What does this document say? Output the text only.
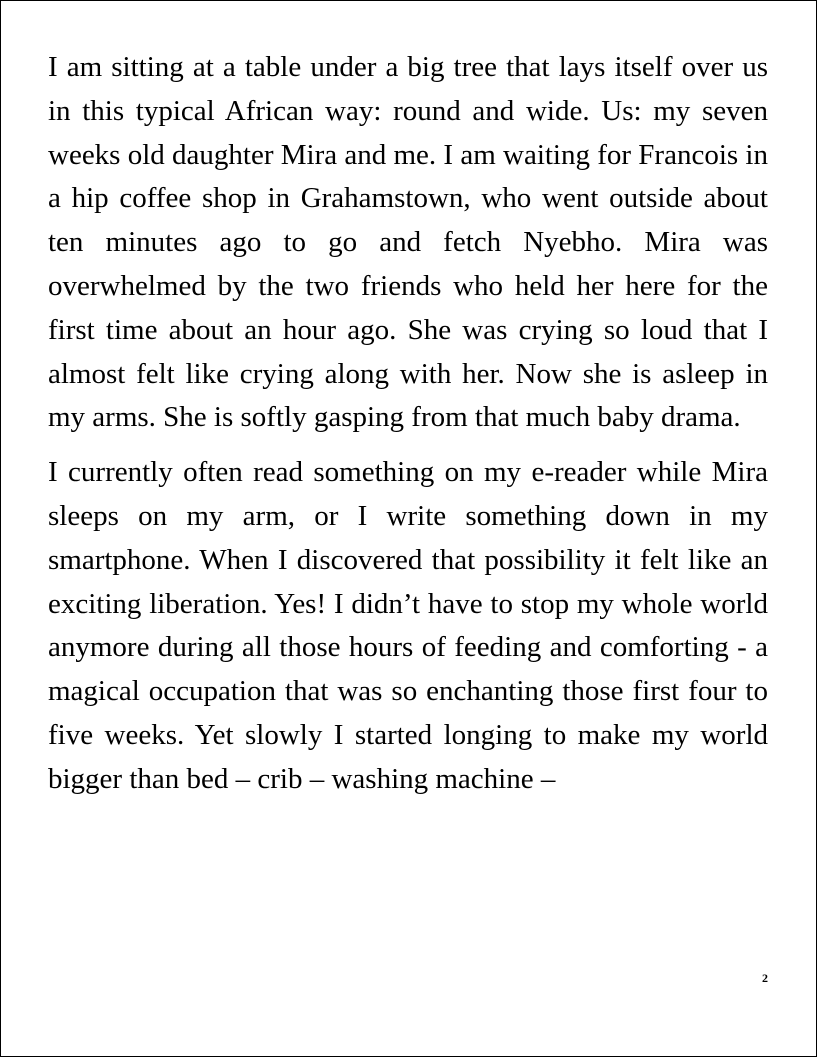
I am sitting at a table under a big tree that lays itself over us in this typical African way: round and wide. Us: my seven weeks old daughter Mira and me. I am waiting for Francois in a hip coffee shop in Grahamstown, who went outside about ten minutes ago to go and fetch Nyebho. Mira was overwhelmed by the two friends who held her here for the first time about an hour ago. She was crying so loud that I almost felt like crying along with her. Now she is asleep in my arms. She is softly gasping from that much baby drama.

I currently often read something on my e-reader while Mira sleeps on my arm, or I write something down in my smartphone. When I discovered that possibility it felt like an exciting liberation. Yes! I didn’t have to stop my whole world anymore during all those hours of feeding and comforting - a magical occupation that was so enchanting those first four to five weeks. Yet slowly I started longing to make my world bigger than bed – crib – washing machine –

2
